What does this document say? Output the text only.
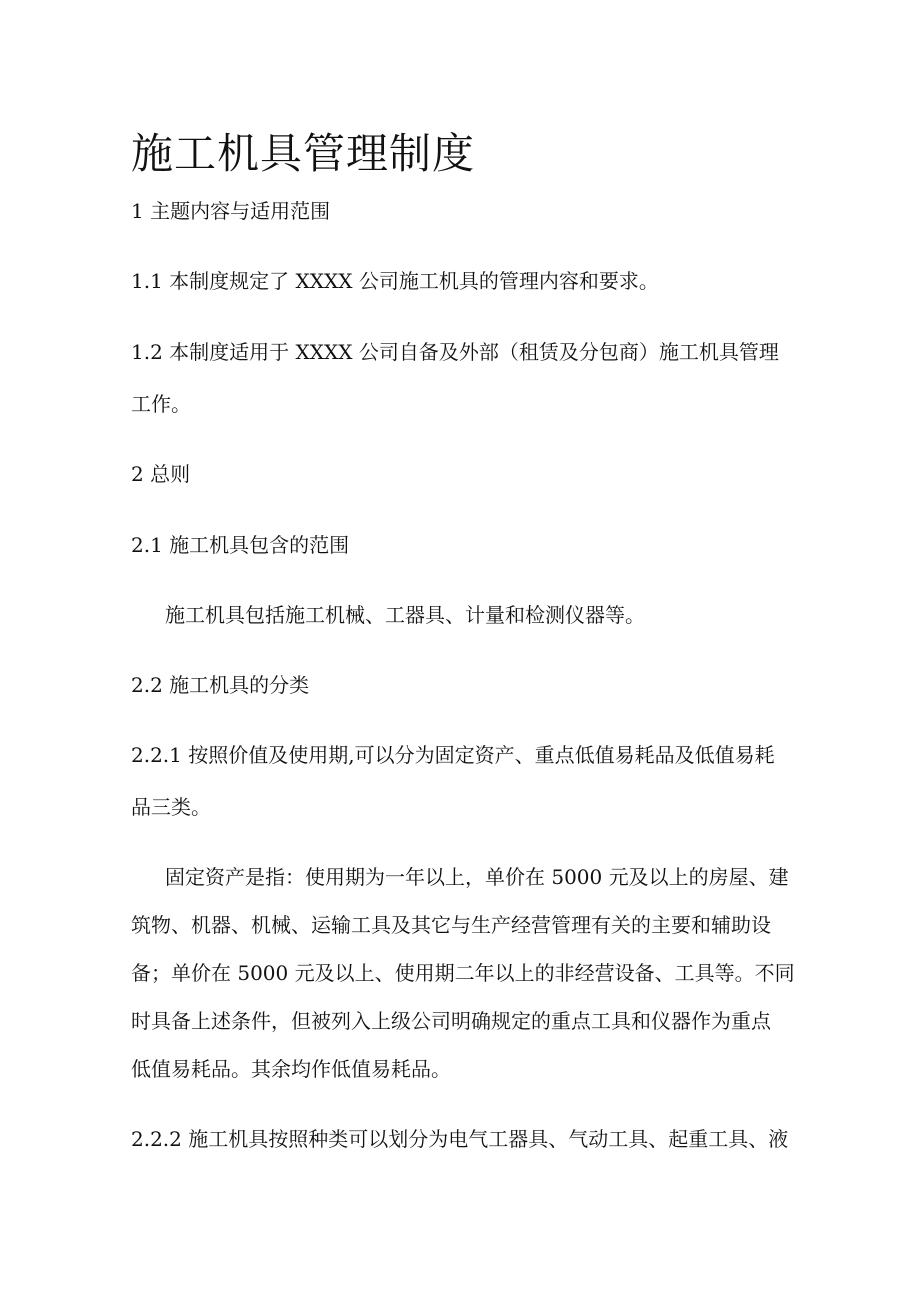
施工机具管理制度
1 主题内容与适用范围
1.1 本制度规定了 XXXX 公司施工机具的管理内容和要求。
1.2 本制度适用于 XXXX 公司自备及外部（租赁及分包商）施工机具管理
工作。
2 总则
2.1 施工机具包含的范围
施工机具包括施工机械、工器具、计量和检测仪器等。
2.2 施工机具的分类
2.2.1 按照价值及使用期,可以分为固定资产、重点低值易耗品及低值易耗
品三类。
固定资产是指：使用期为一年以上，单价在 5000 元及以上的房屋、建
筑物、机器、机械、运输工具及其它与生产经营管理有关的主要和辅助设
备；单价在 5000 元及以上、使用期二年以上的非经营设备、工具等。不同
时具备上述条件，但被列入上级公司明确规定的重点工具和仪器作为重点
低值易耗品。其余均作低值易耗品。
2.2.2 施工机具按照种类可以划分为电气工器具、气动工具、起重工具、液
